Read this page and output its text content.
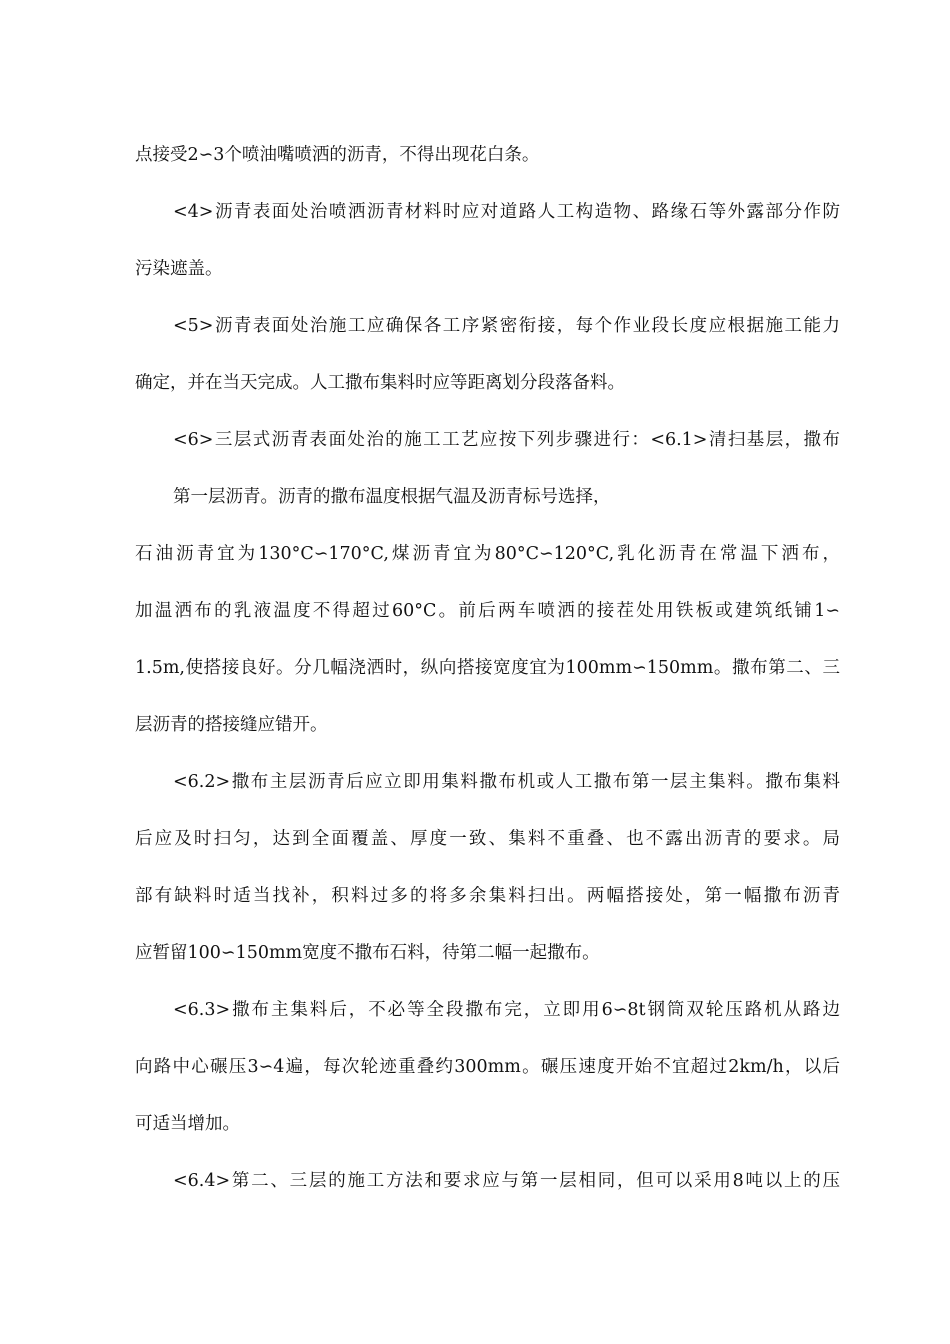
点接受2∽3个喷油嘴喷洒的沥青，不得出现花白条。
<4>沥青表面处治喷洒沥青材料时应对道路人工构造物、路缘石等外露部分作防
污染遮盖。
<5>沥青表面处治施工应确保各工序紧密衔接，每个作业段长度应根据施工能力
确定，并在当天完成。人工撒布集料时应等距离划分段落备料。
<6>三层式沥青表面处治的施工工艺应按下列步骤进行：<6.1>清扫基层，撒布
第一层沥青。沥青的撒布温度根据气温及沥青标号选择，
石油沥青宜为130°C∽170°C,煤沥青宜为80°C∽120°C,乳化沥青在常温下洒布，
加温洒布的乳液温度不得超过60°C。前后两车喷洒的接茬处用铁板或建筑纸铺1∽
1.5m,使搭接良好。分几幅浇洒时，纵向搭接宽度宜为100mm∽150mm。撒布第二、三
层沥青的搭接缝应错开。
<6.2>撒布主层沥青后应立即用集料撒布机或人工撒布第一层主集料。撒布集料
后应及时扫匀，达到全面覆盖、厚度一致、集料不重叠、也不露出沥青的要求。局
部有缺料时适当找补，积料过多的将多余集料扫出。两幅搭接处，第一幅撒布沥青
应暂留100∽150mm宽度不撒布石料，待第二幅一起撒布。
<6.3>撒布主集料后，不必等全段撒布完，立即用6∽8t钢筒双轮压路机从路边
向路中心碾压3∽4遍，每次轮迹重叠约300mm。碾压速度开始不宜超过2km/h，以后
可适当增加。
<6.4>第二、三层的施工方法和要求应与第一层相同，但可以采用8吨以上的压
